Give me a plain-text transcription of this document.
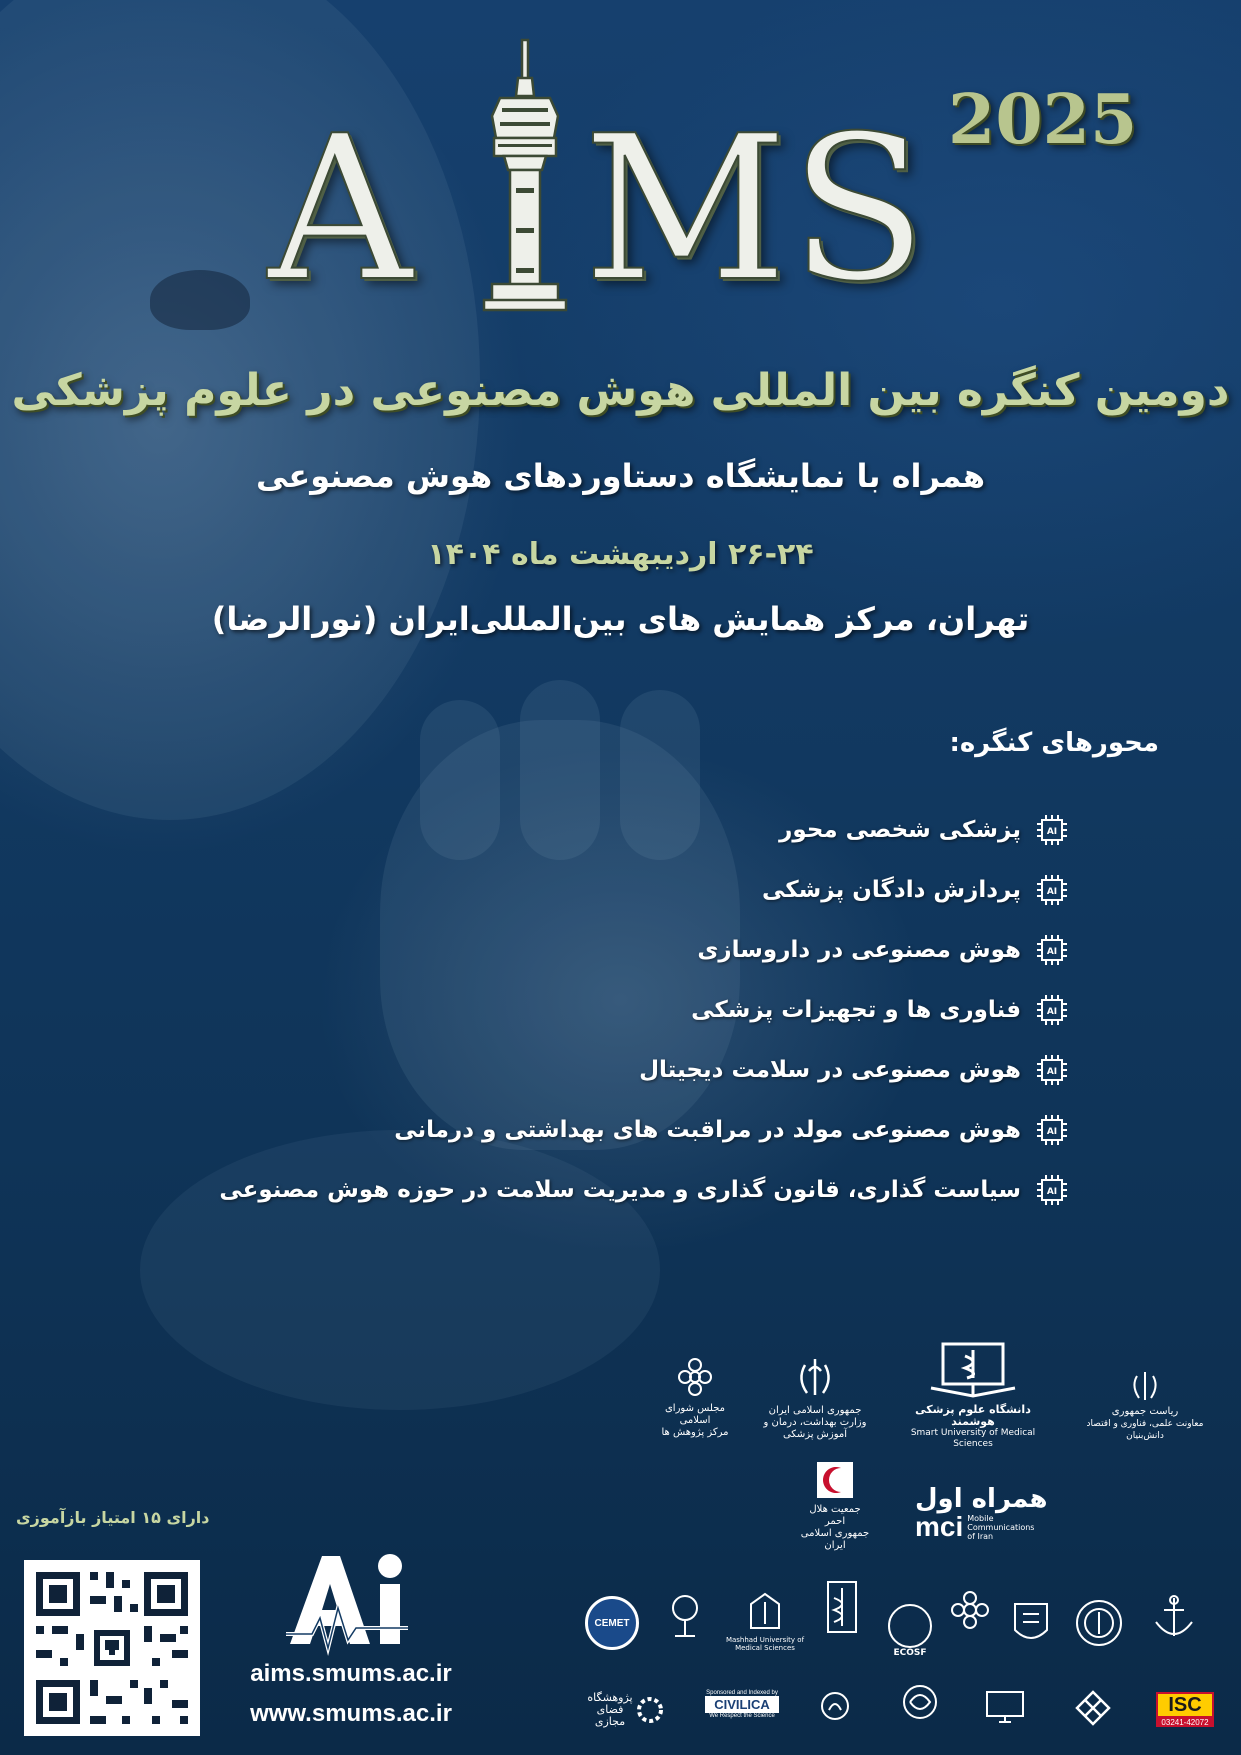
A M S 2025
دومین کنگره بین المللی هوش مصنوعی در علوم پزشکی
همراه با نمایشگاه دستاوردهای هوش مصنوعی
۲۶-۲۴ اردیبهشت ماه ۱۴۰۴
تهران، مرکز همایش های بین‌المللی‌ایران (نورالرضا)
محورهای کنگره:
AI
پزشکی شخصی محور
AI
پردازش دادگان پزشکی
AI
هوش مصنوعی در داروسازی
AI
فناوری ها و تجهیزات پزشکی
AI
هوش مصنوعی در سلامت دیجیتال
AI
هوش مصنوعی مولد در مراقبت های بهداشتی و درمانی
AI
سیاست گذاری، قانون گذاری و مدیریت سلامت در حوزه هوش مصنوعی
مجلس شورای اسلامی
مرکز پژوهش ها
جمهوری اسلامی ایران
وزارت بهداشت، درمان و آموزش پزشکی
دانشگاه علوم پزشکی هوشمند
Smart University of Medical Sciences
ریاست جمهوری
معاونت علمی، فناوری و اقتصاد دانش‌بنیان
جمعیت هلال احمر
جمهوری اسلامی ایران
همراه اول
mci Mobile Communications of Iran
CEMET
Mashhad University of Medical Sciences	ECOSF
پژوهشگاه فضای مجازی
Sponsored and Indexed by
CIVILICA
We Respect the Science	ISC
03241-42072
دارای ۱۵ امتیاز بازآموزی
aims.smums.ac.ir
www.smums.ac.ir
